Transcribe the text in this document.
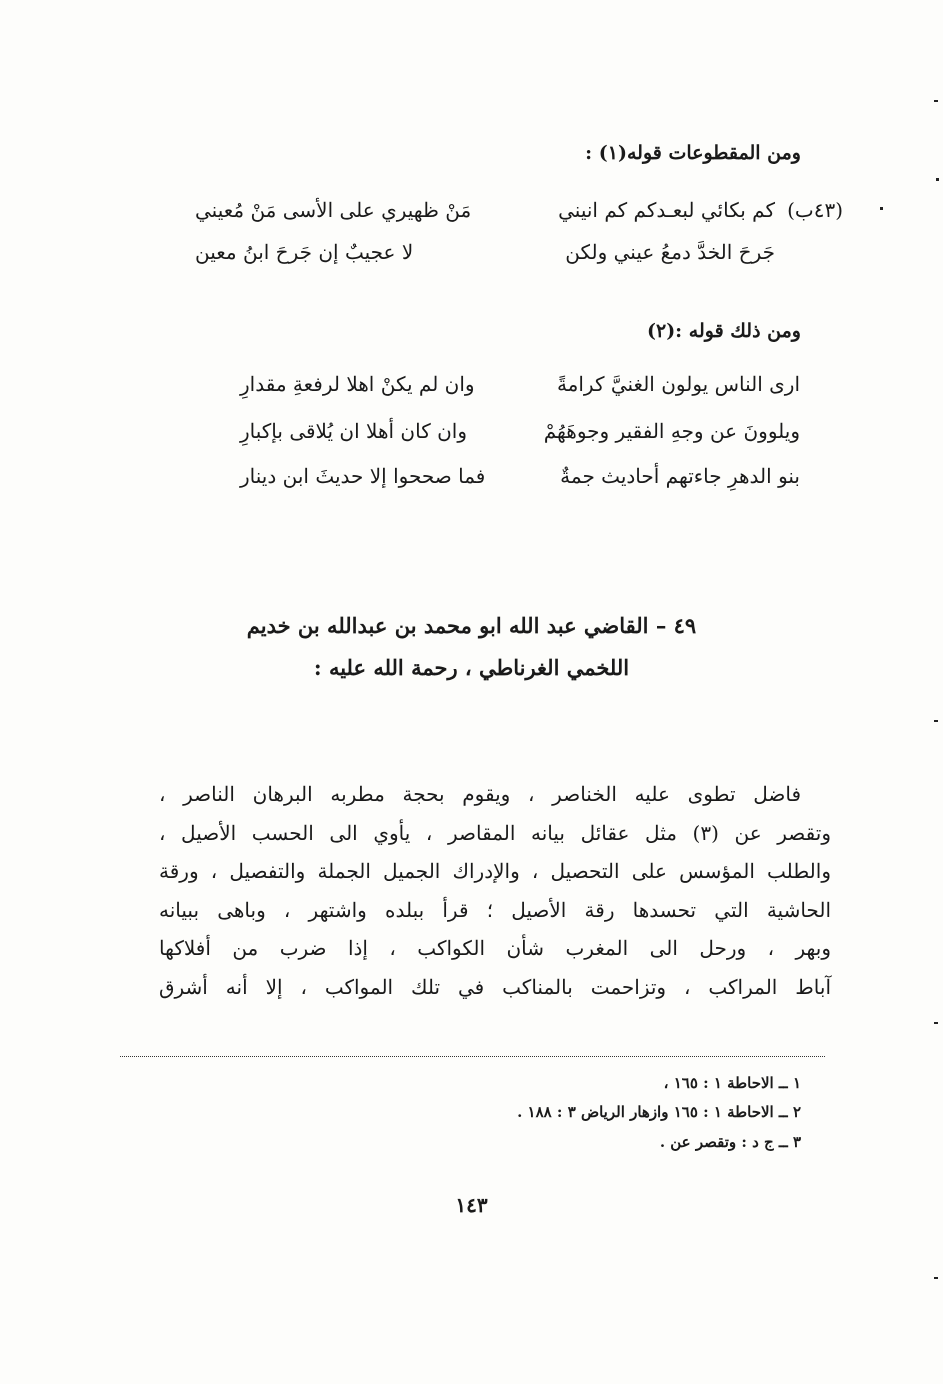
ومن المقطوعات قوله(١) :
(٤٣ب)
كم بكائي لبعـدكم كم انيني
مَنْ ظهيري على الأسى مَنْ مُعيني
جَرحَ الخدَّ دمعُ عيني ولكن
لا عجيبٌ إن جَرحَ ابنُ معين
ومن ذلك قوله :(٢)
ارى الناس يولون الغنيَّ كرامةً
وان لم يكنْ اهلا لرفعةِ مقدارِ
ويلوونَ عن وجهِ الفقير وجوهَهُمْ
وان كان أهلا ان يُلاقى بإكبارِ
بنو الدهرِ جاءتهم أحاديث جمةٌ
فما صححوا إلا حديثَ ابن دينار
٤٩ – القاضي عبد الله ابو محمد بن عبدالله بن خديم
اللخمي الغرناطي ، رحمة الله عليه :
فاضل تطوى عليه الخناصر ، ويقوم بحجة مطربه البرهان الناصر ،
وتقصر عن (٣) مثل عقائل بيانه المقاصر ، يأوي الى الحسب الأصيل ،
والطلب المؤسس على التحصيل ، والإدراك الجميل الجملة والتفصيل ، ورقة
الحاشية التي تحسدها رقة الأصيل ؛ قرأ ببلده واشتهر ، وباهى ببيانه
وبهر ، ورحل الى المغرب شأن الكواكب ، إذا ضرب من أفلاكها
آباط المراكب ، وتزاحمت بالمناكب في تلك المواكب ، إلا أنه أشرق
١ ــ الاحاطة ١ : ١٦٥ ،
٢ ــ الاحاطة ١ : ١٦٥ وازهار الرياض ٣ : ١٨٨ .
٣ ــ ج د : وتقصر عن .
١٤٣
